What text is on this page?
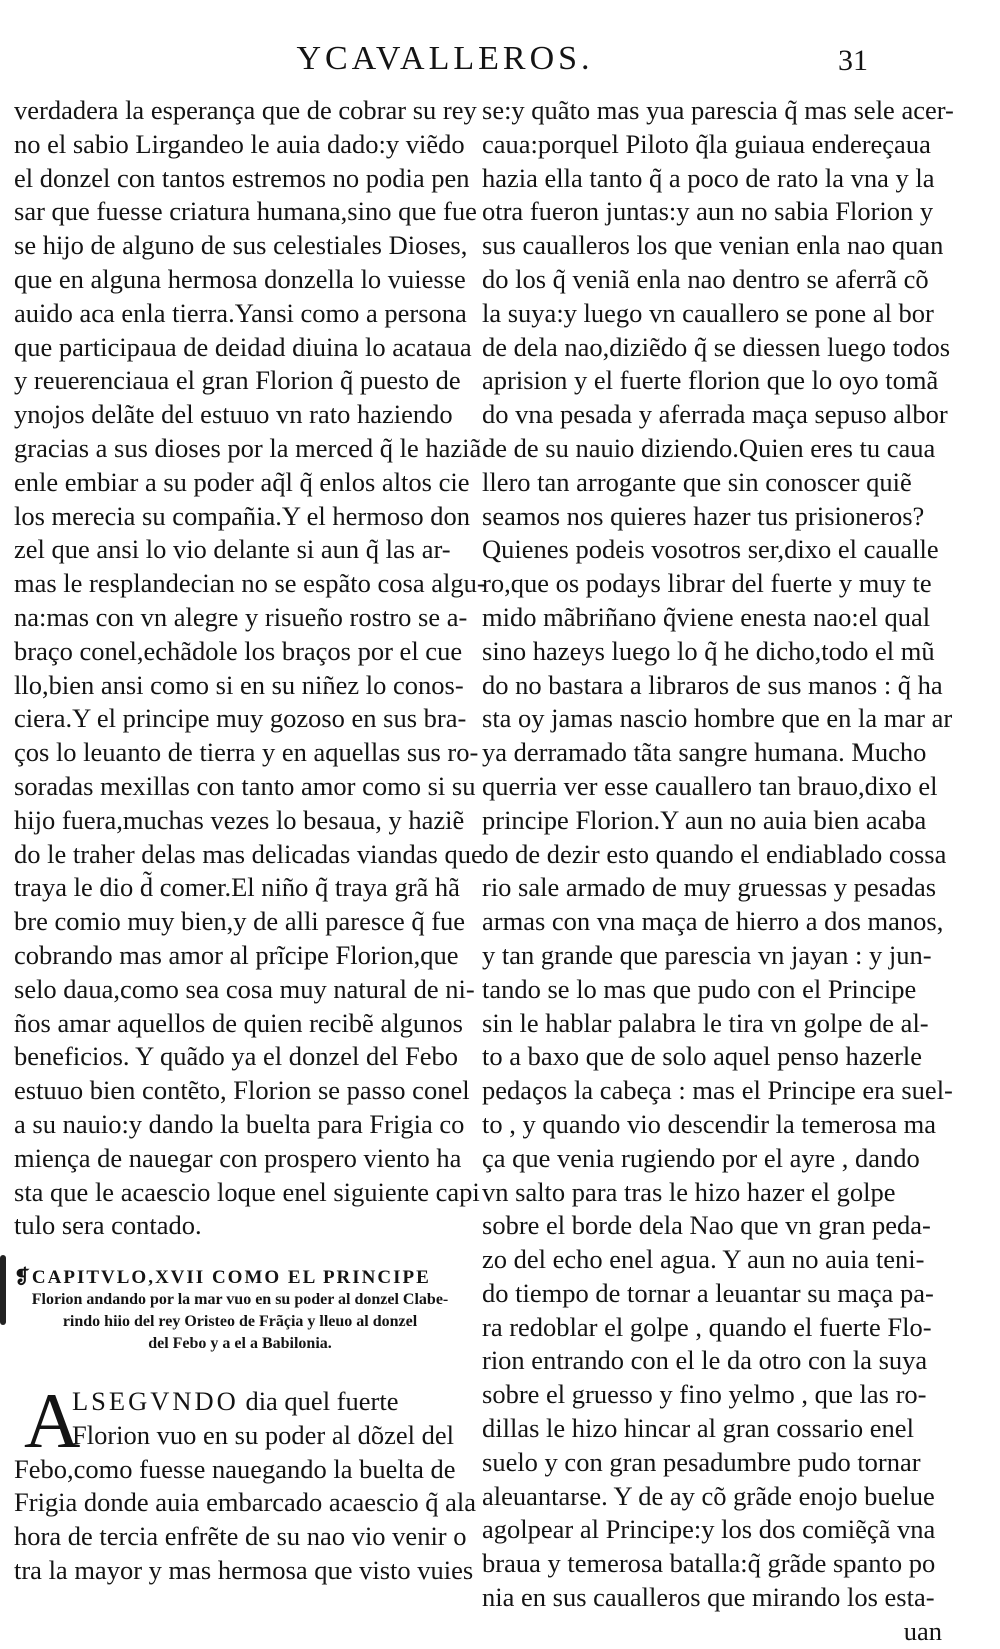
YCAVALLEROS.	31
verdadera la esperança que de cobrar su rey
no el sabio Lirgandeo le auia dado:y viẽdo
el donzel con tantos estremos no podia pen
sar que fuesse criatura humana,sino que fue
se hijo de alguno de sus celestiales Dioses,
que en alguna hermosa donzella lo vuiesse
auido aca enla tierra.Yansi como a persona
que participaua de deidad diuina lo acataua
y reuerenciaua el gran Florion q̃ puesto de
ynojos delãte del estuuo vn rato haziendo
gracias a sus dioses por la merced q̃ le haziã
enle embiar a su poder aq̃l q̃ enlos altos cie
los merecia su compañia.Y el hermoso don
zel que ansi lo vio delante si aun q̃ las ar-
mas le resplandecian no se espãto cosa algu-
na:mas con vn alegre y risueño rostro se a-
braço conel,echãdole los braços por el cue
llo,bien ansi como si en su niñez lo conos-
ciera.Y el principe muy gozoso en sus bra-
ços lo leuanto de tierra y en aquellas sus ro-
soradas mexillas con tanto amor como si su
hijo fuera,muchas vezes lo besaua, y haziẽ
do le traher delas mas delicadas viandas que
traya le dio d̃ comer.El niño q̃ traya grã hã
bre comio muy bien,y de alli paresce q̃ fue
cobrando mas amor al prĩcipe Florion,que
selo daua,como sea cosa muy natural de ni-
ños amar aquellos de quien recibẽ algunos
beneficios. Y quãdo ya el donzel del Febo
estuuo bien contẽto, Florion se passo conel
a su nauio:y dando la buelta para Frigia co
miença de nauegar con prospero viento ha
sta que le acaescio loque enel siguiente capi
tulo sera contado.
❡CAPITVLO,XVII COMO EL PRINCIPE
Florion andando por la mar vuo en su poder al donzel Clabe-
rindo hiio del rey Oristeo de Frãçia y lleuo al donzel
del Febo y a el a Babilonia.
A
LSEGVNDO dia quel fuerte
Florion vuo en su poder al dõzel del
Febo,como fuesse nauegando la buelta de
Frigia donde auia embarcado acaescio q̃ ala
hora de tercia enfrẽte de su nao vio venir o
tra la mayor y mas hermosa que visto vuies
se:y quãto mas yua parescia q̃ mas sele acer-
caua:porquel Piloto q̃la guiaua endereçaua
hazia ella tanto q̃ a poco de rato la vna y la
otra fueron juntas:y aun no sabia Florion y
sus caualleros los que venian enla nao quan
do los q̃ veniã enla nao dentro se aferrã cõ
la suya:y luego vn cauallero se pone al bor
de dela nao,diziẽdo q̃ se diessen luego todos
aprision y el fuerte florion que lo oyo tomã
do vna pesada y aferrada maça sepuso albor
de de su nauio diziendo.Quien eres tu caua
llero tan arrogante que sin conoscer quiẽ
seamos nos quieres hazer tus prisioneros?
Quienes podeis vosotros ser,dixo el caualle
ro,que os podays librar del fuerte y muy te
mido mãbriñano q̃viene enesta nao:el qual
sino hazeys luego lo q̃ he dicho,todo el mũ
do no bastara a libraros de sus manos : q̃ ha
sta oy jamas nascio hombre que en la mar ar
ya derramado tãta sangre humana. Mucho
querria ver esse cauallero tan brauo,dixo el
principe Florion.Y aun no auia bien acaba
do de dezir esto quando el endiablado cossa
rio sale armado de muy gruessas y pesadas
armas con vna maça de hierro a dos manos,
y tan grande que parescia vn jayan : y jun-
tando se lo mas que pudo con el Principe
sin le hablar palabra le tira vn golpe de al-
to a baxo que de solo aquel penso hazerle
pedaços la cabeça : mas el Principe era suel-
to , y quando vio descendir la temerosa ma
ça que venia rugiendo por el ayre , dando
vn salto para tras le hizo hazer el golpe
sobre el borde dela Nao que vn gran peda-
zo del echo enel agua. Y aun no auia teni-
do tiempo de tornar a leuantar su maça pa-
ra redoblar el golpe , quando el fuerte Flo-
rion entrando con el le da otro con la suya
sobre el gruesso y fino yelmo , que las ro-
dillas le hizo hincar al gran cossario enel
suelo y con gran pesadumbre pudo tornar
aleuantarse. Y de ay cõ grãde enojo buelue
agolpear al Principe:y los dos comiẽçã vna
braua y temerosa batalla:q̃ grãde spanto po
nia en sus caualleros que mirando los esta-
uan
